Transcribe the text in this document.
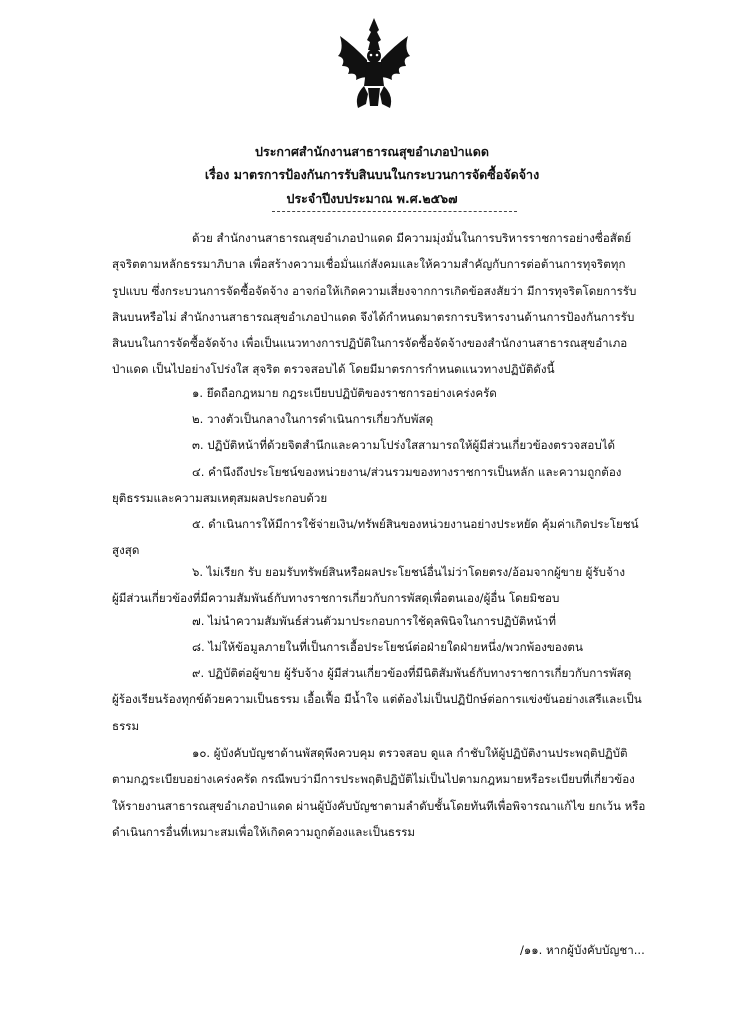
ประกาศสำนักงานสาธารณสุขอำเภอป่าแดด
เรื่อง มาตรการป้องกันการรับสินบนในกระบวนการจัดซื้อจัดจ้าง
ประจำปีงบประมาณ พ.ศ.๒๕๖๗
ด้วย สำนักงานสาธารณสุขอำเภอป่าแดด มีความมุ่งมั่นในการบริหารราชการอย่างซื่อสัตย์
สุจริตตามหลักธรรมาภิบาล เพื่อสร้างความเชื่อมั่นแก่สังคมและให้ความสำคัญกับการต่อต้านการทุจริตทุก
รูปแบบ ซึ่งกระบวนการจัดซื้อจัดจ้าง อาจก่อให้เกิดความเสี่ยงจากการเกิดข้อสงสัยว่า มีการทุจริตโดยการรับ
สินบนหรือไม่ สำนักงานสาธารณสุขอำเภอป่าแดด จึงได้กำหนดมาตรการบริหารงานด้านการป้องกันการรับ
สินบนในการจัดซื้อจัดจ้าง เพื่อเป็นแนวทางการปฏิบัติในการจัดซื้อจัดจ้างของสำนักงานสาธารณสุขอำเภอ
ป่าแดด เป็นไปอย่างโปร่งใส สุจริต ตรวจสอบได้ โดยมีมาตรการกำหนดแนวทางปฏิบัติดังนี้
๑. ยึดถือกฎหมาย กฎระเบียบปฏิบัติของราชการอย่างเคร่งครัด
๒. วางตัวเป็นกลางในการดำเนินการเกี่ยวกับพัสดุ
๓. ปฏิบัติหน้าที่ด้วยจิตสำนึกและความโปร่งใสสามารถให้ผู้มีส่วนเกี่ยวข้องตรวจสอบได้
๔. คำนึงถึงประโยชน์ของหน่วยงาน/ส่วนรวมของทางราชการเป็นหลัก และความถูกต้อง
ยุติธรรมและความสมเหตุสมผลประกอบด้วย
๕. ดำเนินการให้มีการใช้จ่ายเงิน/ทรัพย์สินของหน่วยงานอย่างประหยัด คุ้มค่าเกิดประโยชน์
สูงสุด
๖. ไม่เรียก รับ ยอมรับทรัพย์สินหรือผลประโยชน์อื่นไม่ว่าโดยตรง/อ้อมจากผู้ขาย ผู้รับจ้าง
ผู้มีส่วนเกี่ยวข้องที่มีความสัมพันธ์กับทางราชการเกี่ยวกับการพัสดุเพื่อตนเอง/ผู้อื่น โดยมิชอบ
๗. ไม่นำความสัมพันธ์ส่วนตัวมาประกอบการใช้ดุลพินิจในการปฏิบัติหน้าที่
๘. ไม่ให้ข้อมูลภายในที่เป็นการเอื้อประโยชน์ต่อฝ่ายใดฝ่ายหนึ่ง/พวกพ้องของตน
๙. ปฏิบัติต่อผู้ขาย ผู้รับจ้าง ผู้มีส่วนเกี่ยวข้องที่มีนิติสัมพันธ์กับทางราชการเกี่ยวกับการพัสดุ
ผู้ร้องเรียนร้องทุกข์ด้วยความเป็นธรรม เอื้อเฟื้อ มีน้ำใจ แต่ต้องไม่เป็นปฏิปักษ์ต่อการแข่งขันอย่างเสรีและเป็น
ธรรม
๑๐. ผู้บังคับบัญชาด้านพัสดุพึงควบคุม ตรวจสอบ ดูแล กำชับให้ผู้ปฏิบัติงานประพฤติปฏิบัติ
ตามกฎระเบียบอย่างเคร่งครัด กรณีพบว่ามีการประพฤติปฏิบัติไม่เป็นไปตามกฎหมายหรือระเบียบที่เกี่ยวข้อง
ให้รายงานสาธารณสุขอำเภอป่าแดด ผ่านผู้บังคับบัญชาตามลำดับชั้นโดยทันทีเพื่อพิจารณาแก้ไข ยกเว้น หรือ
ดำเนินการอื่นที่เหมาะสมเพื่อให้เกิดความถูกต้องและเป็นธรรม
/๑๑. หากผู้บังคับบัญชา...
